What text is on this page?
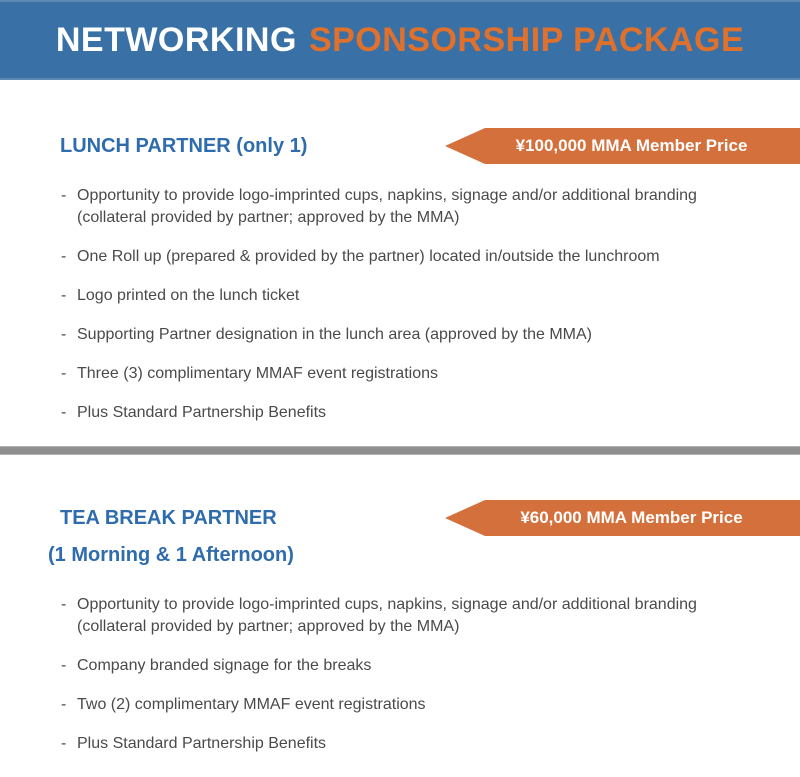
NETWORKING SPONSORSHIP PACKAGE
LUNCH PARTNER (only 1)	¥100,000 MMA Member Price
- Opportunity to provide logo-imprinted cups, napkins, signage and/or additional branding (collateral provided by partner; approved by the MMA)
- One Roll up (prepared & provided by the partner) located in/outside the lunchroom
- Logo printed on the lunch ticket
- Supporting Partner designation in the lunch area (approved by the MMA)
- Three (3) complimentary MMAF event registrations
- Plus Standard Partnership Benefits
TEA BREAK PARTNER	¥60,000 MMA Member Price
(1 Morning & 1 Afternoon)
- Opportunity to provide logo-imprinted cups, napkins, signage and/or additional branding (collateral provided by partner; approved by the MMA)
- Company branded signage for the breaks
- Two (2) complimentary MMAF event registrations
- Plus Standard Partnership Benefits
